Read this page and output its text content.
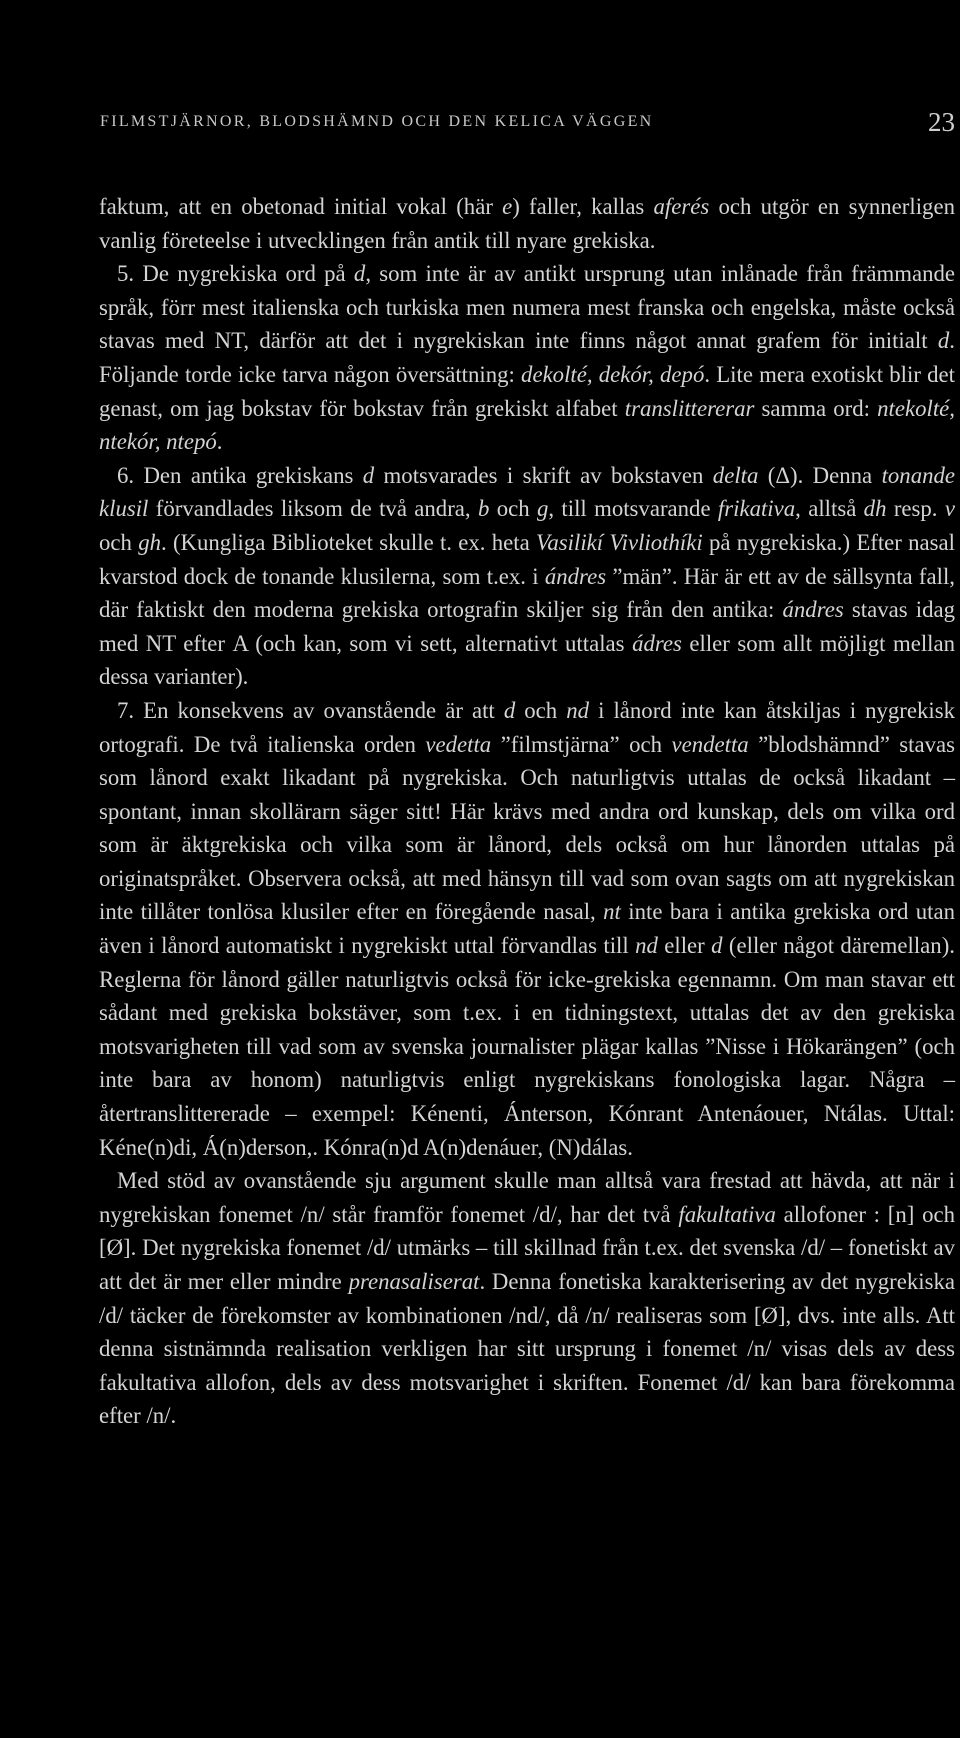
FILMSTJÄRNOR, BLODSHÄMND OCH DEN KELICA VÄGGEN	23

faktum, att en obetonad initial vokal (här e) faller, kallas aferés och utgör en synnerligen vanlig företeelse i utvecklingen från antik till nyare grekiska.

5. De nygrekiska ord på d, som inte är av antikt ursprung utan inlånade från främmande språk, förr mest italienska och turkiska men numera mest franska och engelska, måste också stavas med NT, därför att det i nygrekiskan inte finns något annat grafem för initialt d. Följande torde icke tarva någon översättning: dekolté, dekór, depó. Lite mera exotiskt blir det genast, om jag bokstav för bokstav från grekiskt alfabet translittererar samma ord: ntekolté, ntekór, ntepó.

6. Den antika grekiskans d motsvarades i skrift av bokstaven delta (Δ). Denna tonande klusil förvandlades liksom de två andra, b och g, till motsvarande frikativa, alltså dh resp. v och gh. (Kungliga Biblioteket skulle t. ex. heta Vasilikí Vivliothíki på nygrekiska.) Efter nasal kvarstod dock de tonande klusilerna, som t.ex. i ándres ”män”. Här är ett av de sällsynta fall, där faktiskt den moderna grekiska ortografin skiljer sig från den antika: ándres stavas idag med NT efter Α (och kan, som vi sett, alternativt uttalas ádres eller som allt möjligt mellan dessa varianter).

7. En konsekvens av ovanstående är att d och nd i lånord inte kan åtskiljas i nygrekisk ortografi. De två italienska orden vedetta ”filmstjärna” och vendetta ”blodshämnd” stavas som lånord exakt likadant på nygrekiska. Och naturligtvis uttalas de också likadant – spontant, innan skollärarn säger sitt! Här krävs med andra ord kunskap, dels om vilka ord som är äktgrekiska och vilka som är lånord, dels också om hur lånorden uttalas på originatspråket. Observera också, att med hänsyn till vad som ovan sagts om att nygrekiskan inte tillåter tonlösa klusiler efter en föregående nasal, nt inte bara i antika grekiska ord utan även i lånord automatiskt i nygrekiskt uttal förvandlas till nd eller d (eller något däremellan). Reglerna för lånord gäller naturligtvis också för icke-grekiska egennamn. Om man stavar ett sådant med grekiska bokstäver, som t.ex. i en tidningstext, uttalas det av den grekiska motsvarigheten till vad som av svenska journalister plägar kallas ”Nisse i Hökarängen” (och inte bara av honom) naturligtvis enligt nygrekiskans fonologiska lagar. Några – återtranslittererade – exempel: Kénenti, Ánterson, Kónrant Antenáouer, Ntálas. Uttal: Kéne(n)di, Á(n)derson,. Kónra(n)d A(n)denáuer, (N)dálas.

Med stöd av ovanstående sju argument skulle man alltså vara frestad att hävda, att när i nygrekiskan fonemet /n/ står framför fonemet /d/, har det två fakultativa allofoner : [n] och [Ø]. Det nygrekiska fonemet /d/ utmärks – till skillnad från t.ex. det svenska /d/ – fonetiskt av att det är mer eller mindre prenasaliserat. Denna fonetiska karakterisering av det nygrekiska /d/ täcker de förekomster av kombinationen /nd/, då /n/ realiseras som [Ø], dvs. inte alls. Att denna sistnämnda realisation verkligen har sitt ursprung i fonemet /n/ visas dels av dess fakultativa allofon, dels av dess motsvarighet i skriften. Fonemet /d/ kan bara förekomma efter /n/.
